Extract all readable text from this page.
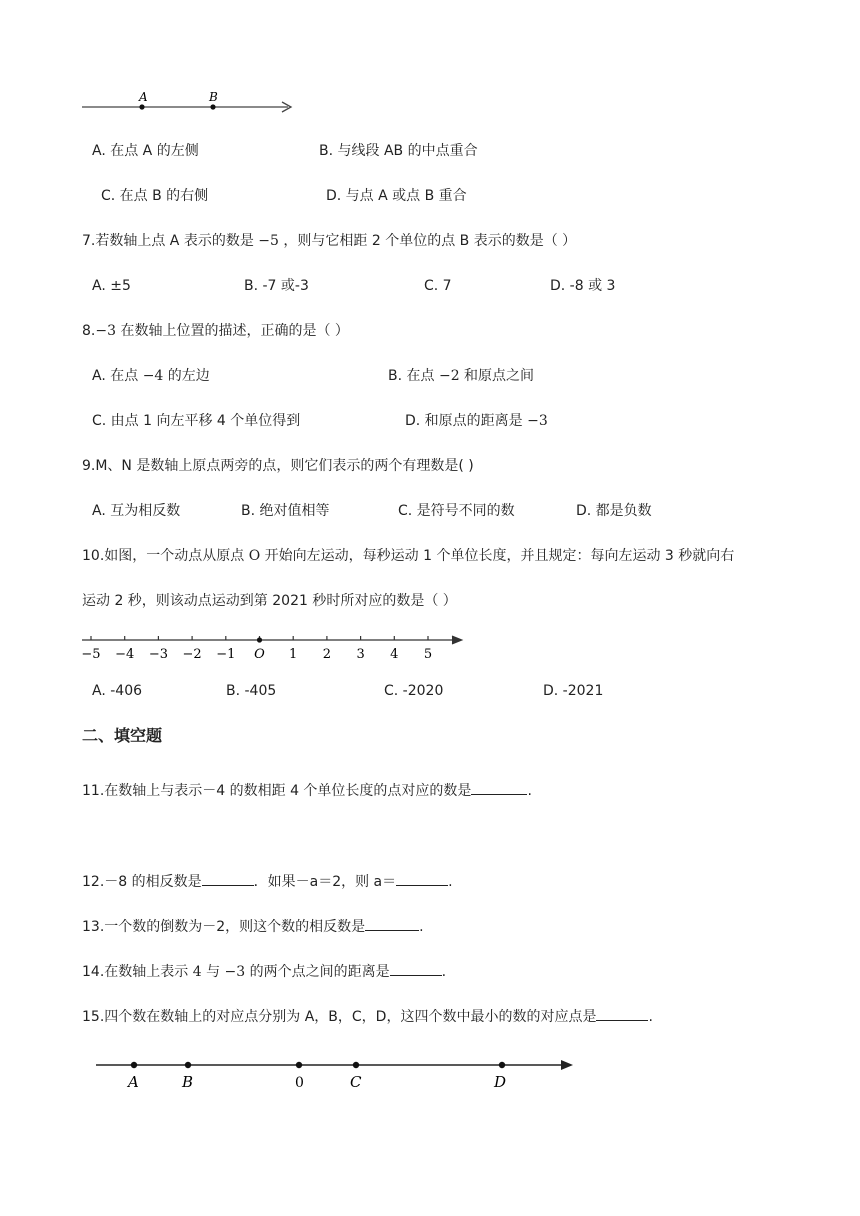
A	B
A. 在点 A 的左侧	B. 与线段 AB 的中点重合
C. 在点 B 的右侧	D. 与点 A 或点 B 重合
7.若数轴上点 A 表示的数是 −5 ，则与它相距 2 个单位的点 B 表示的数是（ ）
A. ±5	B. -7 或-3	C. 7	D. -8 或 3
8.−3 在数轴上位置的描述，正确的是（ ）
A. 在点 −4 的左边	B. 在点 −2 和原点之间
C. 由点 1 向左平移 4 个单位得到	D. 和原点的距离是 −3
9.M、N 是数轴上原点两旁的点，则它们表示的两个有理数是( )
A. 互为相反数	B. 绝对值相等	C. 是符号不同的数	D. 都是负数
10.如图，一个动点从原点 O 开始向左运动，每秒运动 1 个单位长度，并且规定：每向左运动 3 秒就向右
运动 2 秒，则该动点运动到第 2021 秒时所对应的数是（ ）
−5 −4 −3 −2 −1 O 1 2 3 4 5
A. -406	B. -405	C. -2020	D. -2021
二、填空题
11.在数轴上与表示－4 的数相距 4 个单位长度的点对应的数是	.
12.－8 的相反数是	．如果－a＝2，则 a＝	.
13.一个数的倒数为－2，则这个数的相反数是	.
14.在数轴上表示 4 与 −3 的两个点之间的距离是	.
15.四个数在数轴上的对应点分别为 A，B，C，D，这四个数中最小的数的对应点是	.
A	B	0	C	D
